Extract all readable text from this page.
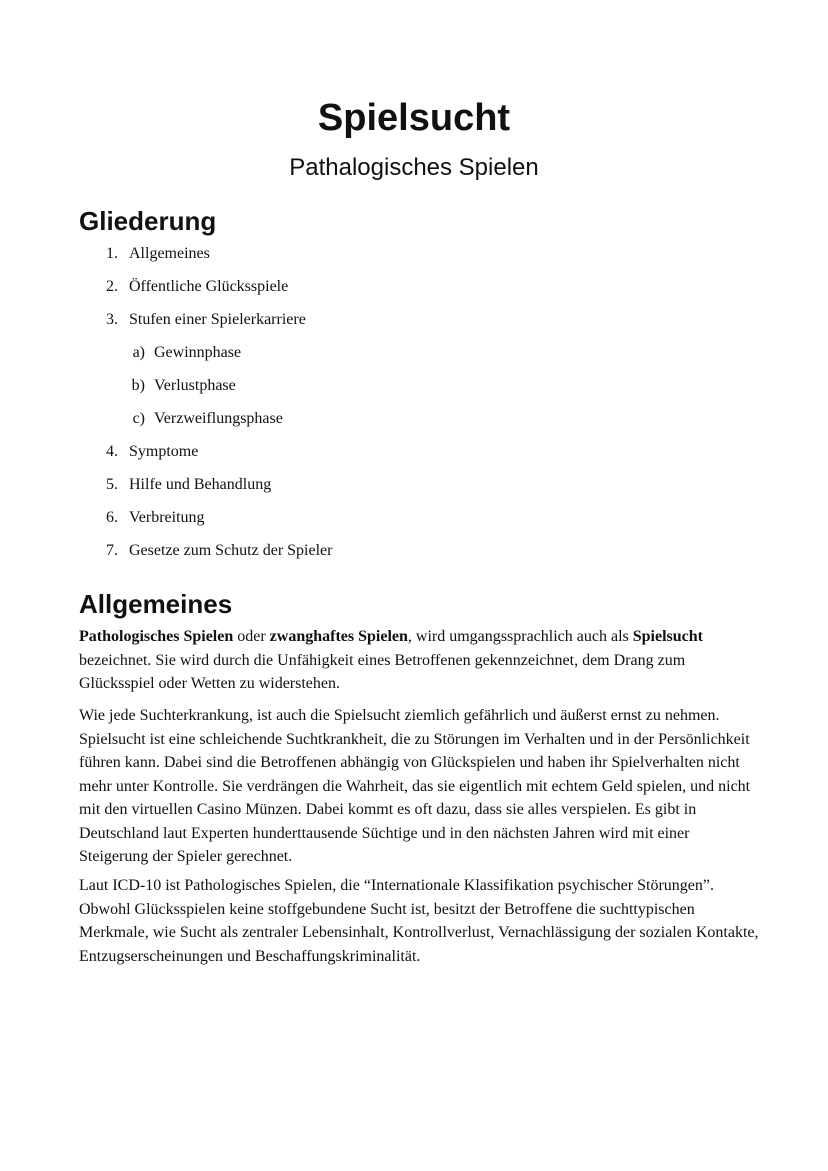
Spielsucht
Pathalogisches Spielen
Gliederung
1. Allgemeines
2. Öffentliche Glücksspiele
3. Stufen einer Spielerkarriere
a) Gewinnphase
b) Verlustphase
c) Verzweiflungsphase
4. Symptome
5. Hilfe und Behandlung
6. Verbreitung
7. Gesetze zum Schutz der Spieler
Allgemeines

Pathologisches Spielen oder zwanghaftes Spielen, wird umgangssprachlich auch als Spielsucht bezeichnet. Sie wird durch die Unfähigkeit eines Betroffenen gekennzeichnet, dem Drang zum Glücksspiel oder Wetten zu widerstehen.

Wie jede Suchterkrankung, ist auch die Spielsucht ziemlich gefährlich und äußerst ernst zu nehmen. Spielsucht ist eine schleichende Suchtkrankheit, die zu Störungen im Verhalten und in der Persönlichkeit führen kann. Dabei sind die Betroffenen abhängig von Glückspielen und haben ihr Spielverhalten nicht mehr unter Kontrolle. Sie verdrängen die Wahrheit, das sie eigentlich mit echtem Geld spielen, und nicht mit den virtuellen Casino Münzen. Dabei kommt es oft dazu, dass sie alles verspielen. Es gibt in Deutschland laut Experten hunderttausende Süchtige und in den nächsten Jahren wird mit einer Steigerung der Spieler gerechnet.

Laut ICD-10 ist Pathologisches Spielen, die “Internationale Klassifikation psychischer Störungen”. Obwohl Glücksspielen keine stoffgebundene Sucht ist, besitzt der Betroffene die suchttypischen Merkmale, wie Sucht als zentraler Lebensinhalt, Kontrollverlust, Vernachlässigung der sozialen Kontakte, Entzugserscheinungen und Beschaffungskriminalität.
